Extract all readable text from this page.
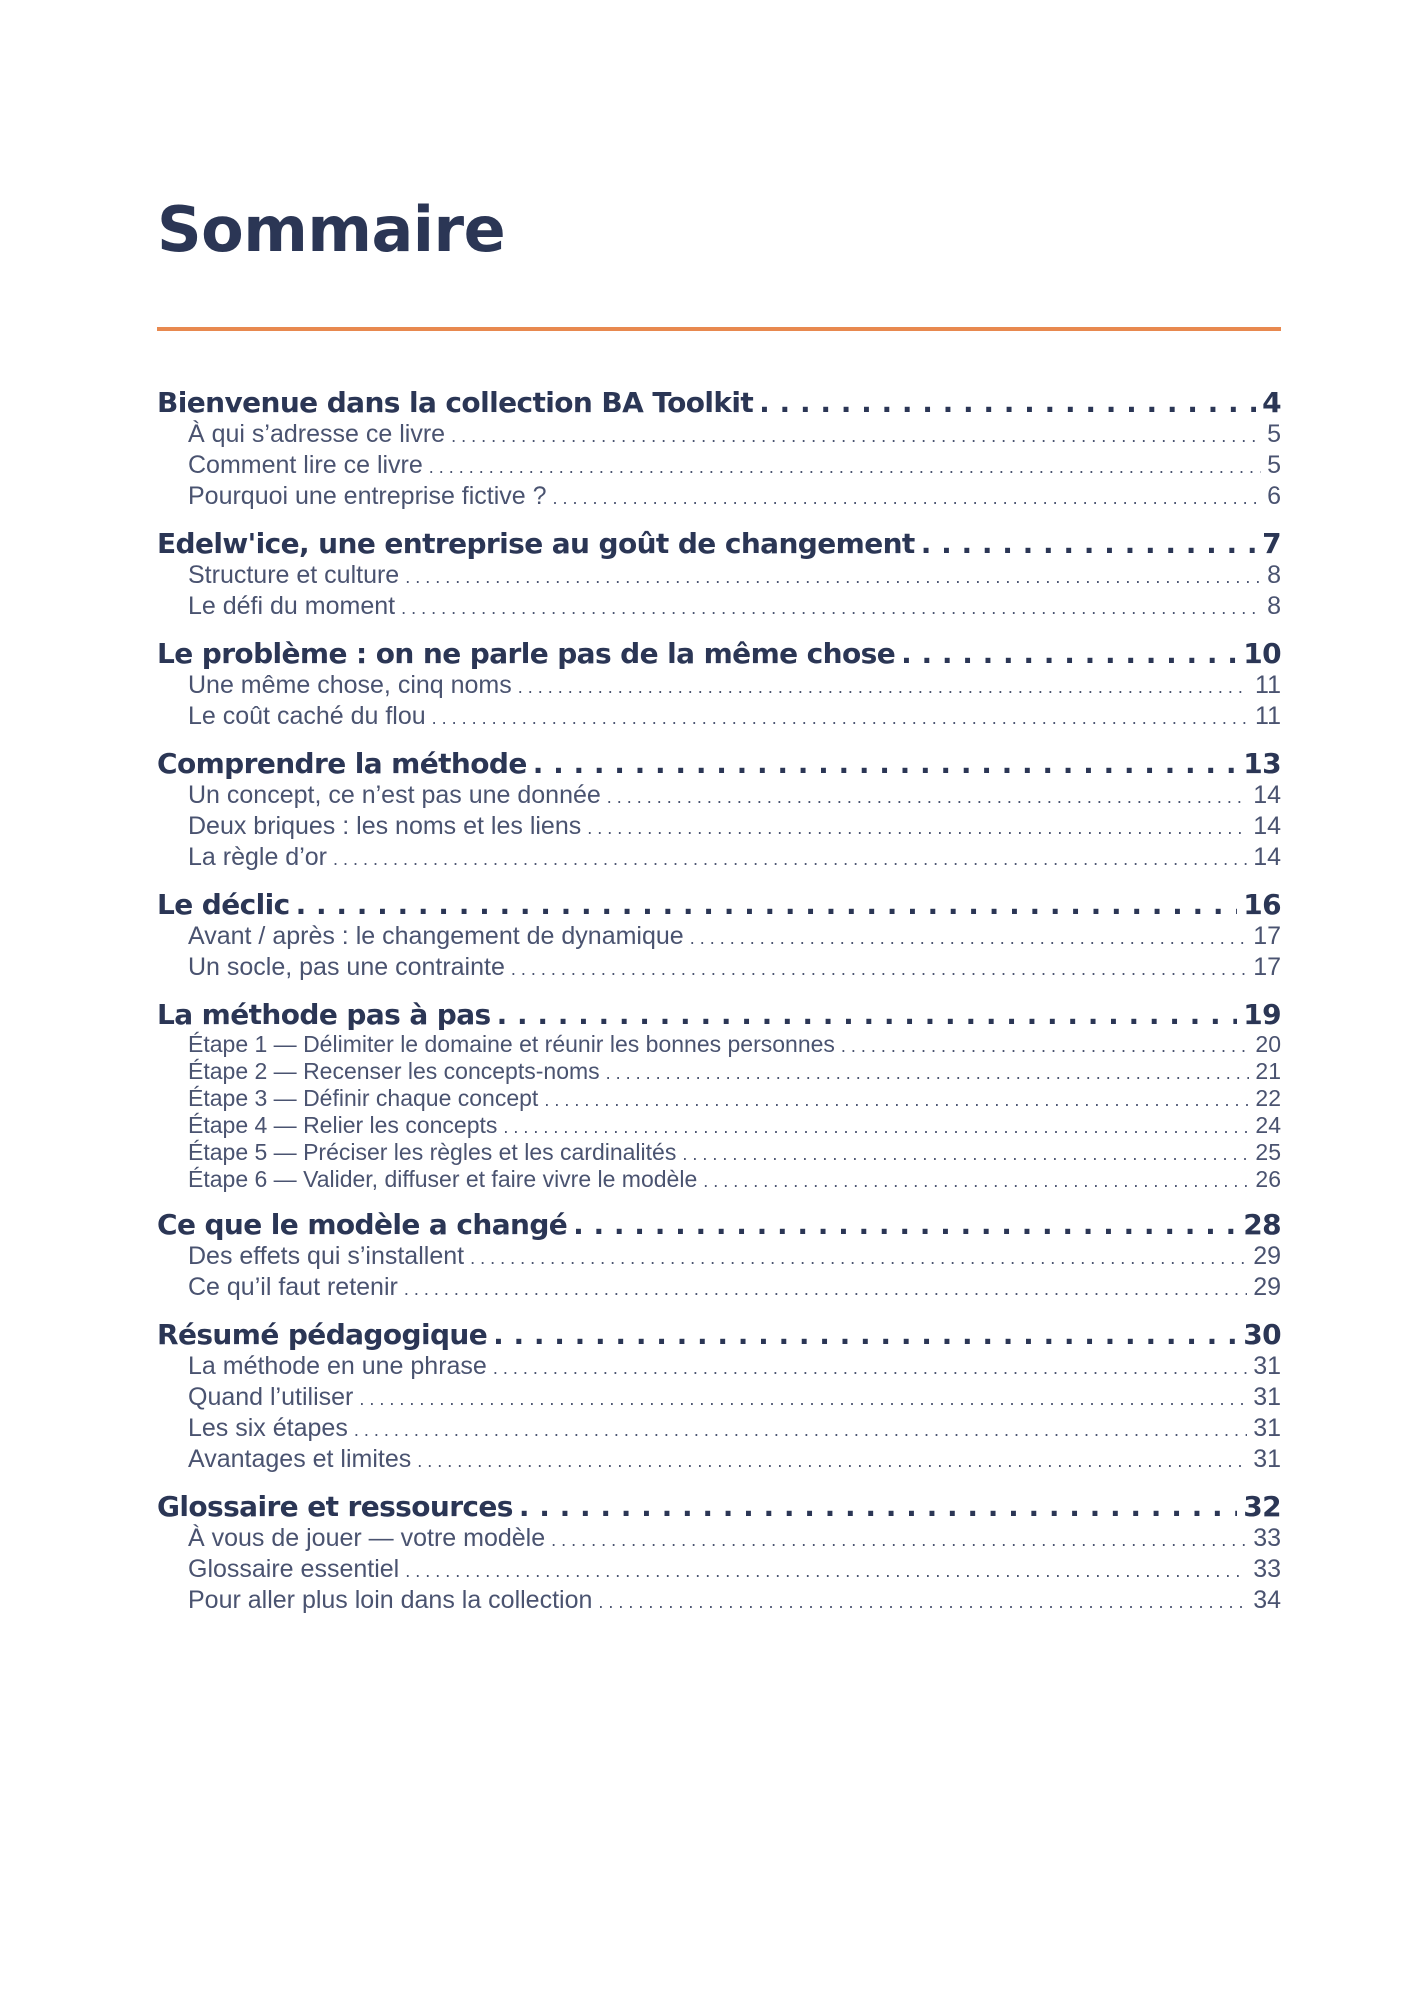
Sommaire
Bienvenue dans la collection BA Toolkit . . .	4
À qui s’adresse ce livre . . .	5
Comment lire ce livre . . .	5
Pourquoi une entreprise fictive ? . . .	6
Edelw'ice, une entreprise au goût de changement . . .	7
Structure et culture . . .	8
Le défi du moment . . .	8
Le problème : on ne parle pas de la même chose . . .	10
Une même chose, cinq noms . . .	11
Le coût caché du flou . . .	11
Comprendre la méthode . . .	13
Un concept, ce n’est pas une donnée . . .	14
Deux briques : les noms et les liens . . .	14
La règle d’or . . .	14
Le déclic . . .	16
Avant / après : le changement de dynamique . . .	17
Un socle, pas une contrainte . . .	17
La méthode pas à pas . . .	19
Étape 1 — Délimiter le domaine et réunir les bonnes personnes . . .	20
Étape 2 — Recenser les concepts-noms . . .	21
Étape 3 — Définir chaque concept . . .	22
Étape 4 — Relier les concepts . . .	24
Étape 5 — Préciser les règles et les cardinalités . . .	25
Étape 6 — Valider, diffuser et faire vivre le modèle . . .	26
Ce que le modèle a changé . . .	28
Des effets qui s’installent . . .	29
Ce qu’il faut retenir . . .	29
Résumé pédagogique . . .	30
La méthode en une phrase . . .	31
Quand l’utiliser . . .	31
Les six étapes . . .	31
Avantages et limites . . .	31
Glossaire et ressources . . .	32
À vous de jouer — votre modèle . . .	33
Glossaire essentiel . . .	33
Pour aller plus loin dans la collection . . .	34
